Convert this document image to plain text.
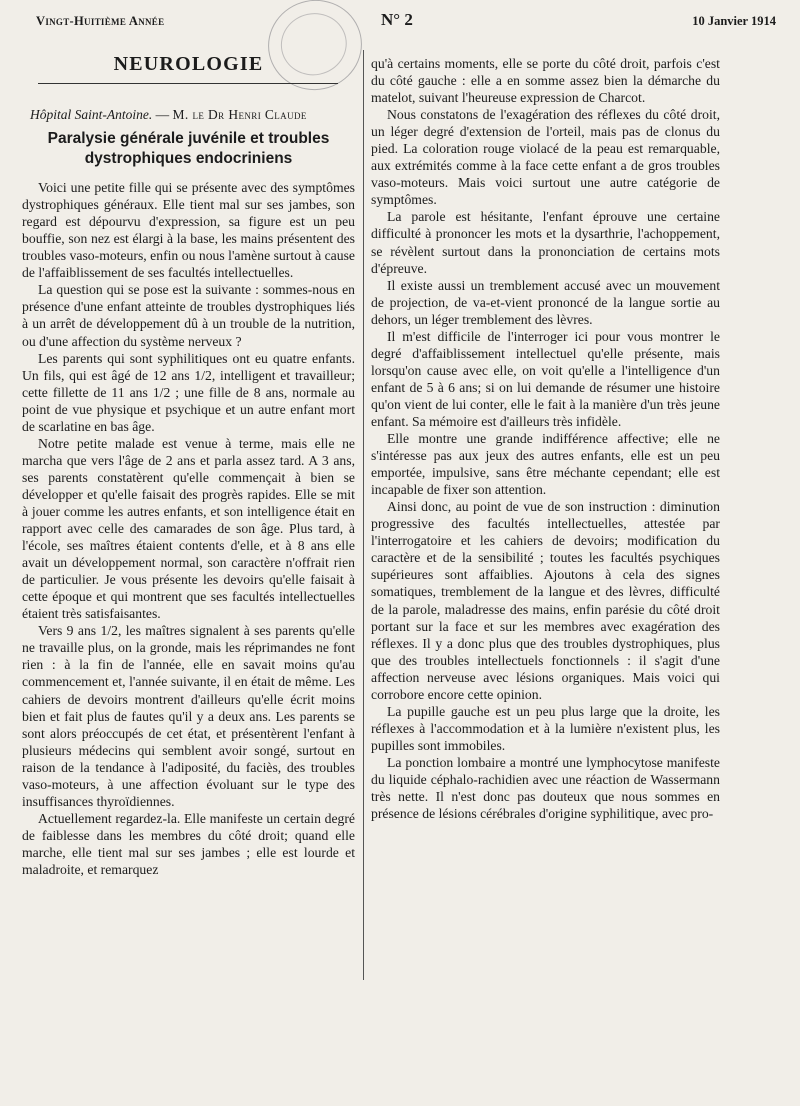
Vingt-Huitième Année	N° 2	10 Janvier 1914
NEUROLOGIE
Hôpital Saint-Antoine. — M. le Dr Henri Claude
Paralysie générale juvénile et troubles dystrophiques endocriniens

Voici une petite fille qui se présente avec des symptômes dystrophiques généraux. Elle tient mal sur ses jambes, son regard est dépourvu d'expression, sa figure est un peu bouffie, son nez est élargi à la base, les mains présentent des troubles vaso-moteurs, enfin ou nous l'amène surtout à cause de l'affaiblissement de ses facultés intellectuelles.

La question qui se pose est la suivante : sommes-nous en présence d'une enfant atteinte de troubles dystrophiques liés à un arrêt de développement dû à un trouble de la nutrition, ou d'une affection du système nerveux ?

Les parents qui sont syphilitiques ont eu quatre enfants. Un fils, qui est âgé de 12 ans 1/2, intelligent et travailleur; cette fillette de 11 ans 1/2 ; une fille de 8 ans, normale au point de vue physique et psychique et un autre enfant mort de scarlatine en bas âge.

Notre petite malade est venue à terme, mais elle ne marcha que vers l'âge de 2 ans et parla assez tard. A 3 ans, ses parents constatèrent qu'elle commençait à bien se développer et qu'elle faisait des progrès rapides. Elle se mit à jouer comme les autres enfants, et son intelligence était en rapport avec celle des camarades de son âge. Plus tard, à l'école, ses maîtres étaient contents d'elle, et à 8 ans elle avait un développement normal, son caractère n'offrait rien de particulier. Je vous présente les devoirs qu'elle faisait à cette époque et qui montrent que ses facultés intellectuelles étaient très satisfaisantes.

Vers 9 ans 1/2, les maîtres signalent à ses parents qu'elle ne travaille plus, on la gronde, mais les réprimandes ne font rien : à la fin de l'année, elle en savait moins qu'au commencement et, l'année suivante, il en était de même. Les cahiers de devoirs montrent d'ailleurs qu'elle écrit moins bien et fait plus de fautes qu'il y a deux ans. Les parents se sont alors préoccupés de cet état, et présentèrent l'enfant à plusieurs médecins qui semblent avoir songé, surtout en raison de la tendance à l'adiposité, du faciès, des troubles vaso-moteurs, à une affection évoluant sur le type des insuffisances thyroïdiennes.

Actuellement regardez-la. Elle manifeste un certain degré de faiblesse dans les membres du côté droit; quand elle marche, elle tient mal sur ses jambes ; elle est lourde et maladroite, et remarquez

qu'à certains moments, elle se porte du côté droit, parfois c'est du côté gauche : elle a en somme assez bien la démarche du matelot, suivant l'heureuse expression de Charcot.

Nous constatons de l'exagération des réflexes du côté droit, un léger degré d'extension de l'orteil, mais pas de clonus du pied. La coloration rouge violacé de la peau est remarquable, aux extrémités comme à la face cette enfant a de gros troubles vaso-moteurs. Mais voici surtout une autre catégorie de symptômes.

La parole est hésitante, l'enfant éprouve une certaine difficulté à prononcer les mots et la dysarthrie, l'achoppement, se révèlent surtout dans la prononciation de certains mots d'épreuve.

Il existe aussi un tremblement accusé avec un mouvement de projection, de va-et-vient prononcé de la langue sortie au dehors, un léger tremblement des lèvres.

Il m'est difficile de l'interroger ici pour vous montrer le degré d'affaiblissement intellectuel qu'elle présente, mais lorsqu'on cause avec elle, on voit qu'elle a l'intelligence d'un enfant de 5 à 6 ans; si on lui demande de résumer une histoire qu'on vient de lui conter, elle le fait à la manière d'un très jeune enfant. Sa mémoire est d'ailleurs très infidèle.

Elle montre une grande indifférence affective; elle ne s'intéresse pas aux jeux des autres enfants, elle est un peu emportée, impulsive, sans être méchante cependant; elle est incapable de fixer son attention.

Ainsi donc, au point de vue de son instruction : diminution progressive des facultés intellectuelles, attestée par l'interrogatoire et les cahiers de devoirs; modification du caractère et de la sensibilité ; toutes les facultés psychiques supérieures sont affaiblies. Ajoutons à cela des signes somatiques, tremblement de la langue et des lèvres, difficulté de la parole, maladresse des mains, enfin parésie du côté droit portant sur la face et sur les membres avec exagération des réflexes. Il y a donc plus que des troubles dystrophiques, plus que des troubles intellectuels fonctionnels : il s'agit d'une affection nerveuse avec lésions organiques. Mais voici qui corrobore encore cette opinion.

La pupille gauche est un peu plus large que la droite, les réflexes à l'accommodation et à la lumière n'existent plus, les pupilles sont immobiles.

La ponction lombaire a montré une lymphocytose manifeste du liquide céphalo-rachidien avec une réaction de Wassermann très nette. Il n'est donc pas douteux que nous sommes en présence de lésions cérébrales d'origine syphilitique, avec pro-
